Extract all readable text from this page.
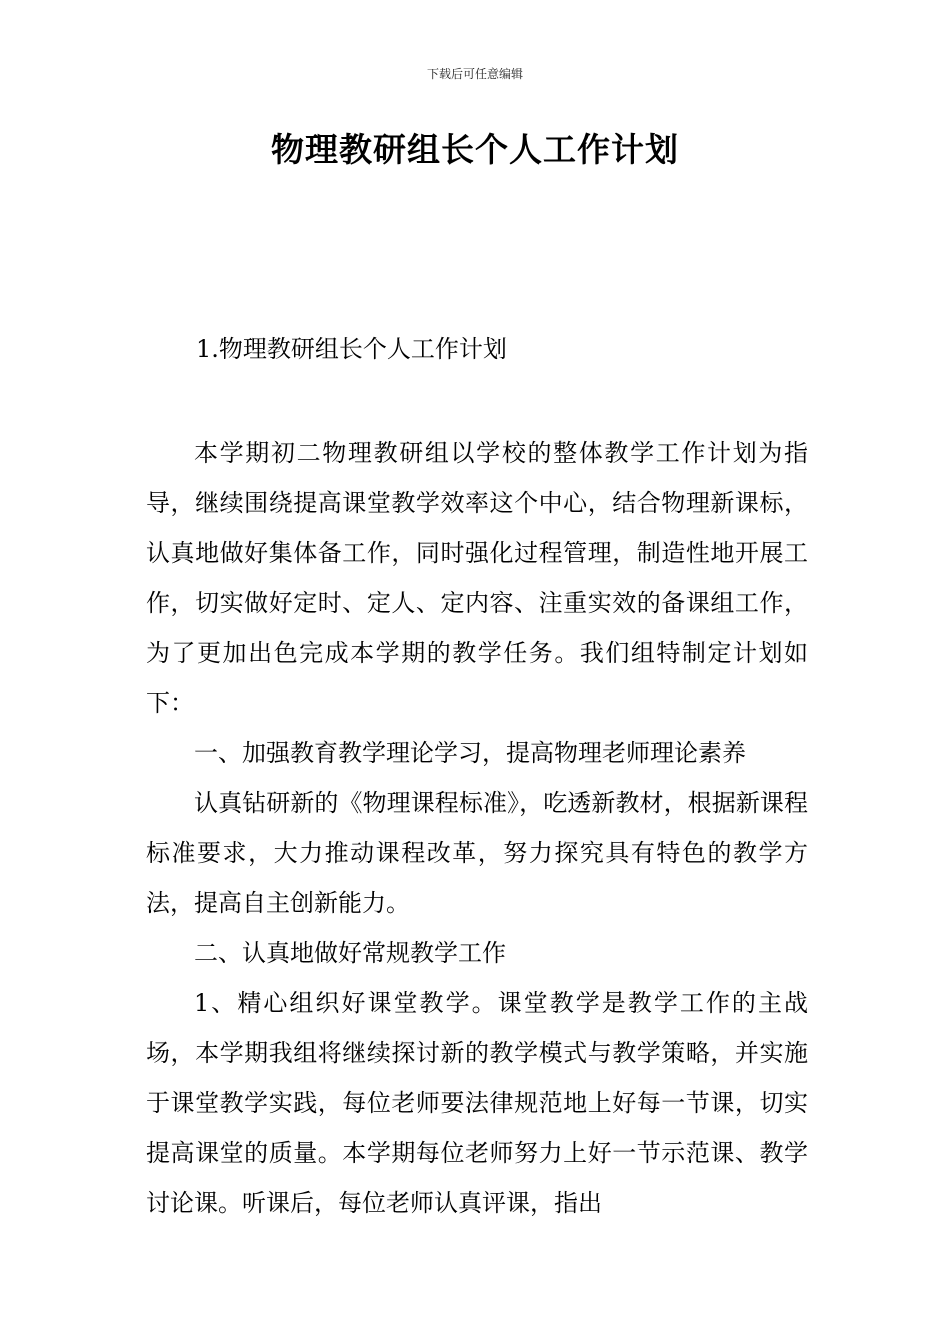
下载后可任意编辑
物理教研组长个人工作计划

1.物理教研组长个人工作计划

本学期初二物理教研组以学校的整体教学工作计划为指导，继续围绕提高课堂教学效率这个中心，结合物理新课标，认真地做好集体备工作，同时强化过程管理，制造性地开展工作，切实做好定时、定人、定内容、注重实效的备课组工作，为了更加出色完成本学期的教学任务。我们组特制定计划如下：

一、加强教育教学理论学习，提高物理老师理论素养

认真钻研新的《物理课程标准》，吃透新教材，根据新课程标准要求，大力推动课程改革，努力探究具有特色的教学方法，提高自主创新能力。

二、认真地做好常规教学工作

1、精心组织好课堂教学。课堂教学是教学工作的主战场，本学期我组将继续探讨新的教学模式与教学策略，并实施于课堂教学实践，每位老师要法律规范地上好每一节课，切实提高课堂的质量。本学期每位老师努力上好一节示范课、教学讨论课。听课后，每位老师认真评课，指出
